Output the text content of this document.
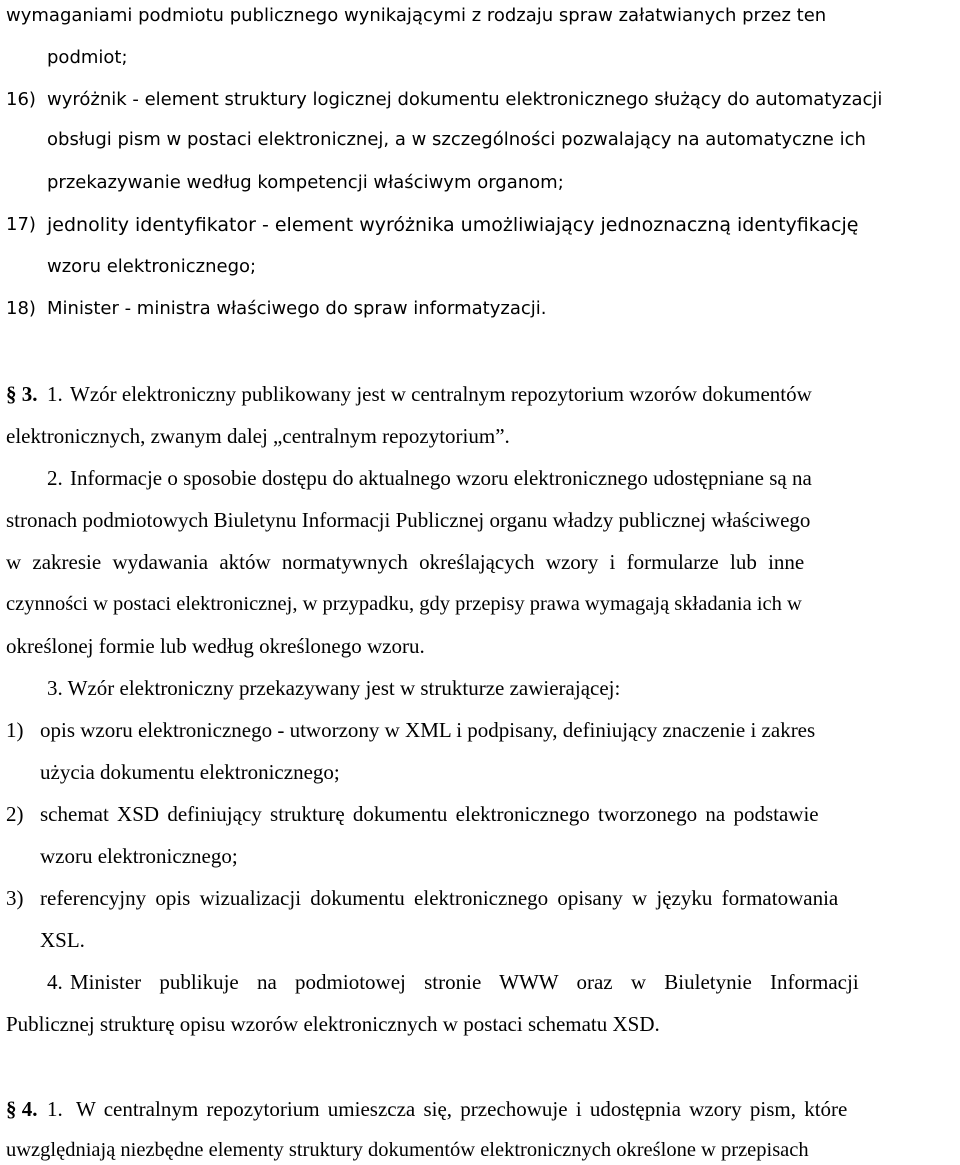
wymaganiami podmiotu publicznego wynikającymi z rodzaju spraw załatwianych przez ten
podmiot;
16) wyróżnik - element struktury logicznej dokumentu elektronicznego służący do automatyzacji
obsługi pism w postaci elektronicznej, a w szczególności pozwalający na automatyczne ich
przekazywanie według kompetencji właściwym organom;
17) jednolity identyfikator - element wyróżnika umożliwiający jednoznaczną identyfikację
wzoru elektronicznego;
18) Minister - ministra właściwego do spraw informatyzacji.
§ 3. 1. Wzór elektroniczny publikowany jest w centralnym repozytorium wzorów dokumentów
elektronicznych, zwanym dalej „centralnym repozytorium”.
2. Informacje o sposobie dostępu do aktualnego wzoru elektronicznego udostępniane są na
stronach podmiotowych Biuletynu Informacji Publicznej organu władzy publicznej właściwego
w zakresie wydawania aktów normatywnych określających wzory i formularze lub inne
czynności w postaci elektronicznej, w przypadku, gdy przepisy prawa wymagają składania ich w
określonej formie lub według określonego wzoru.
3. Wzór elektroniczny przekazywany jest w strukturze zawierającej:
1) opis wzoru elektronicznego - utworzony w XML i podpisany, definiujący znaczenie i zakres
użycia dokumentu elektronicznego;
2) schemat XSD definiujący strukturę dokumentu elektronicznego tworzonego na podstawie
wzoru elektronicznego;
3) referencyjny opis wizualizacji dokumentu elektronicznego opisany w języku formatowania
XSL.
4. Minister publikuje na podmiotowej stronie WWW oraz w Biuletynie Informacji
Publicznej strukturę opisu wzorów elektronicznych w postaci schematu XSD.
§ 4. 1. W centralnym repozytorium umieszcza się, przechowuje i udostępnia wzory pism, które
uwzględniają niezbędne elementy struktury dokumentów elektronicznych określone w przepisach
